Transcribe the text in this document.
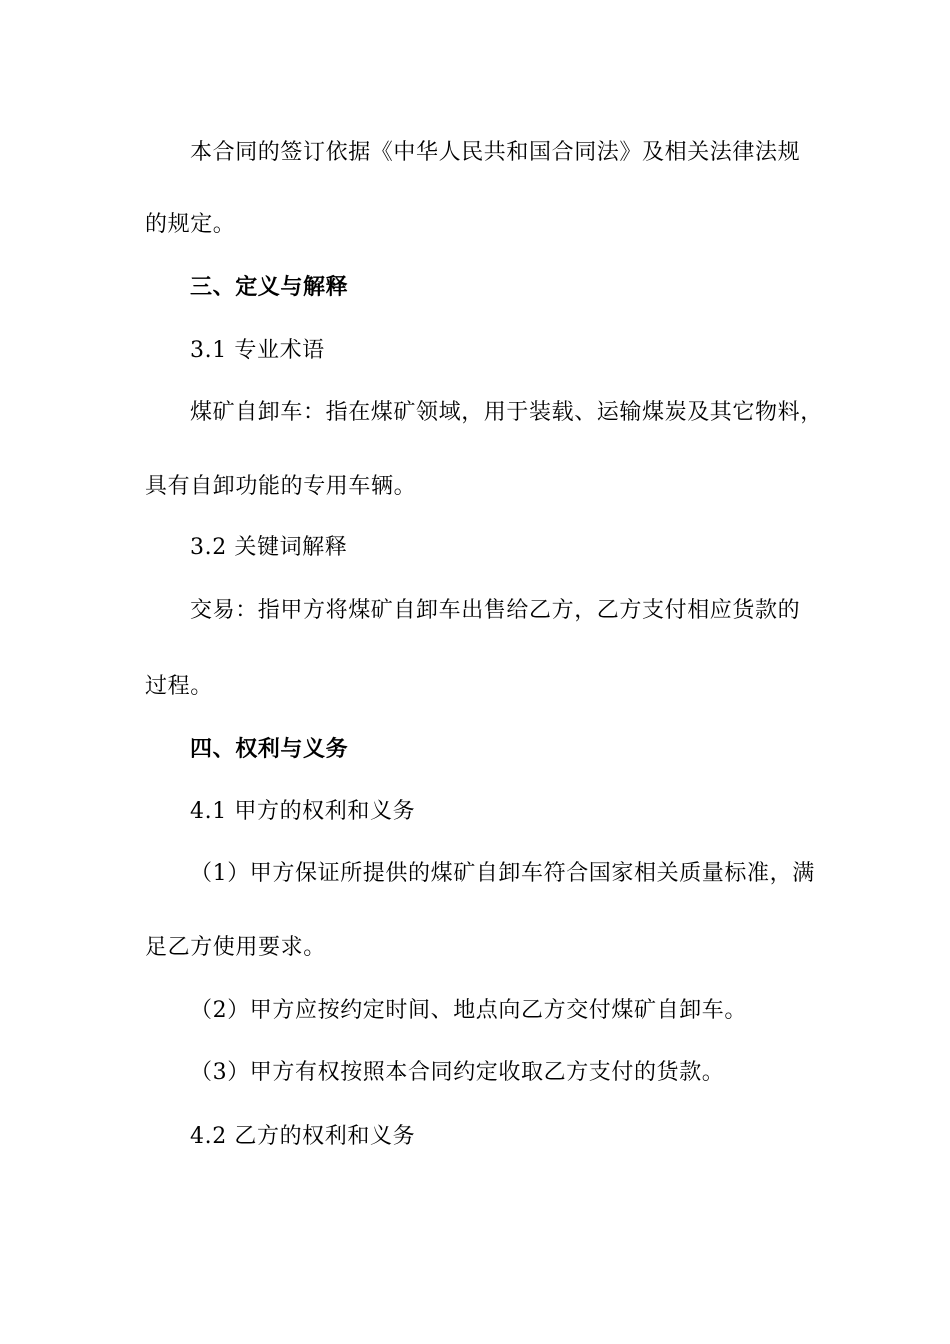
本合同的签订依据《中华人民共和国合同法》及相关法律法规
的规定。
三、定义与解释
3.1 专业术语
煤矿自卸车：指在煤矿领域，用于装载、运输煤炭及其它物料，
具有自卸功能的专用车辆。
3.2 关键词解释
交易：指甲方将煤矿自卸车出售给乙方，乙方支付相应货款的
过程。
四、权利与义务
4.1 甲方的权利和义务
（1）甲方保证所提供的煤矿自卸车符合国家相关质量标准，满
足乙方使用要求。
（2）甲方应按约定时间、地点向乙方交付煤矿自卸车。
（3）甲方有权按照本合同约定收取乙方支付的货款。
4.2 乙方的权利和义务
